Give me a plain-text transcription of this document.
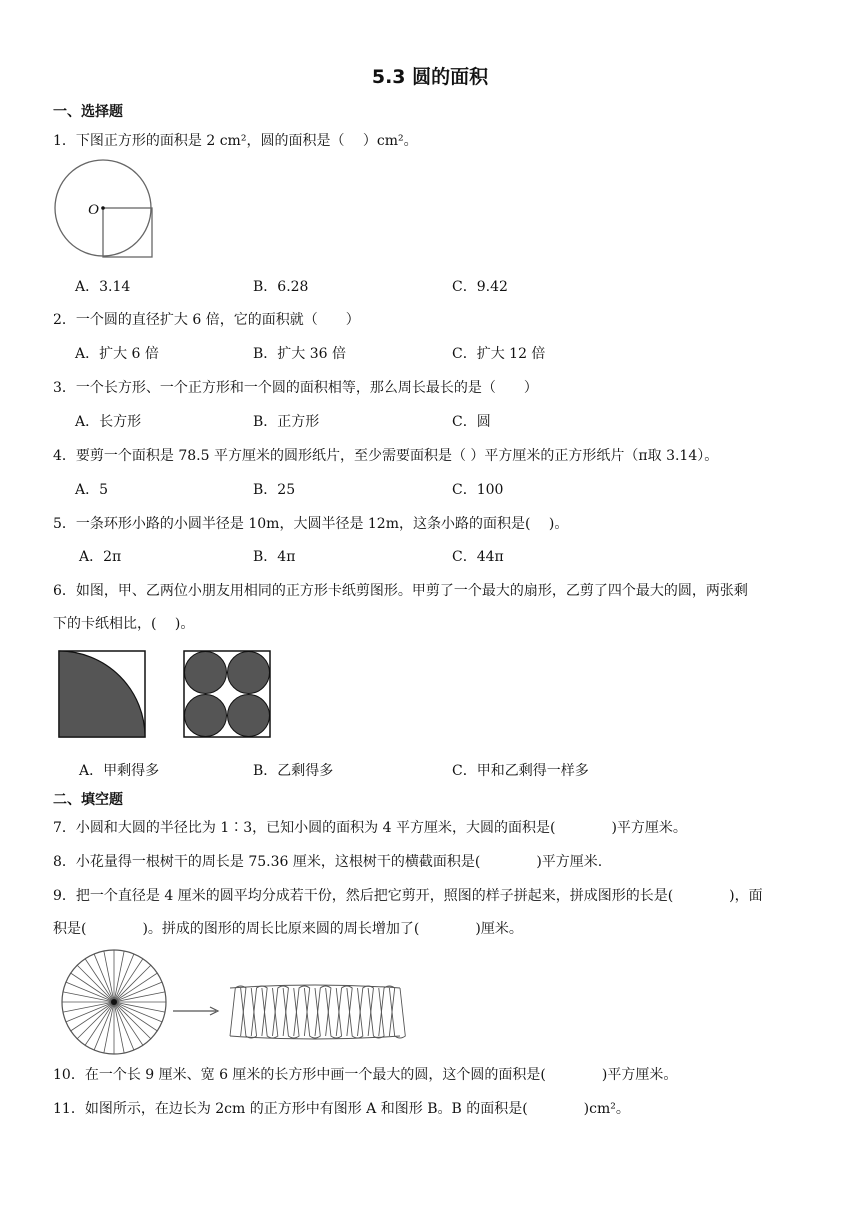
5.3 圆的面积
一、选择题
1．下图正方形的面积是 2 cm²，圆的面积是（　 ）cm²。
O
A．3.14	B．6.28	C．9.42
2．一个圆的直径扩大 6 倍，它的面积就（　　）
A．扩大 6 倍	B．扩大 36 倍	C．扩大 12 倍
3．一个长方形、一个正方形和一个圆的面积相等，那么周长最长的是（　　）
A．长方形	B．正方形	C．圆
4．要剪一个面积是 78.5 平方厘米的圆形纸片，至少需要面积是（ ）平方厘米的正方形纸片（π取 3.14）。
A．5	B．25	C．100
5．一条环形小路的小圆半径是 10m，大圆半径是 12m，这条小路的面积是(　 )。
A．2π	B．4π	C．44π
6．如图，甲、乙两位小朋友用相同的正方形卡纸剪图形。甲剪了一个最大的扇形，乙剪了四个最大的圆，两张剩
下的卡纸相比，(　 )。
A．甲剩得多	B．乙剩得多	C．甲和乙剩得一样多
二、填空题
7．小圆和大圆的半径比为 1∶3，已知小圆的面积为 4 平方厘米，大圆的面积是(　　　　)平方厘米。
8．小花量得一根树干的周长是 75.36 厘米，这根树干的横截面积是(　　　　)平方厘米.
9．把一个直径是 4 厘米的圆平均分成若干份，然后把它剪开，照图的样子拼起来，拼成图形的长是(　　　　)，面
积是(　　　　)。拼成的图形的周长比原来圆的周长增加了(　　　　)厘米。
10．在一个长 9 厘米、宽 6 厘米的长方形中画一个最大的圆，这个圆的面积是(　　　　)平方厘米。
11．如图所示，在边长为 2cm 的正方形中有图形 A 和图形 B。B 的面积是(　　　　)cm²。
